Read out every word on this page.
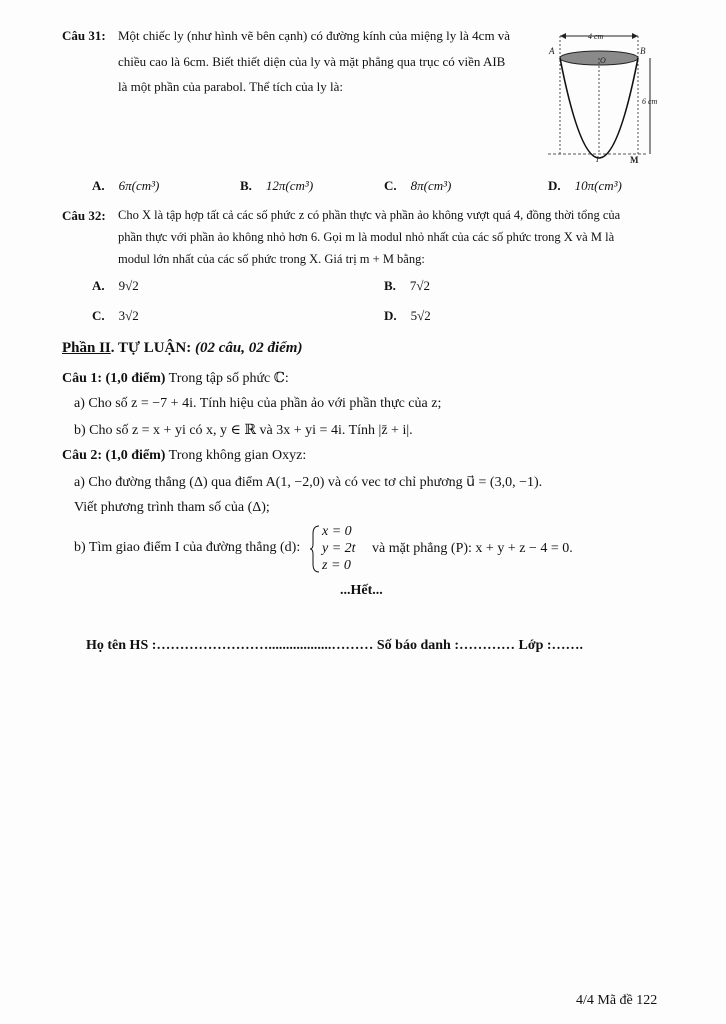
Câu 31: Một chiếc ly (như hình vẽ bên cạnh) có đường kính của miệng ly là 4cm và
chiều cao là 6cm. Biết thiết diện của ly và mặt phẳng qua trục có viền AIB
là một phần của parabol. Thể tích của ly là:
4 cm
6 cm
A	B
O
I	M
A. 6π(cm³)	B. 12π(cm³)	C. 8π(cm³)	D. 10π(cm³)
Câu 32: Cho X là tập hợp tất cả các số phức z có phần thực và phần ảo không vượt quá 4, đồng thời tổng của
phần thực với phần ảo không nhỏ hơn 6. Gọi m là modul nhỏ nhất của các số phức trong X và M là
modul lớn nhất của các số phức trong X. Giá trị m + M bằng:
A. 9√2	B. 7√2
C. 3√2	D. 5√2
Phần II. TỰ LUẬN: (02 câu, 02 điểm)
Câu 1: (1,0 điểm) Trong tập số phức ℂ:
a) Cho số z = −7 + 4i. Tính hiệu của phần ảo với phần thực của z;
b) Cho số z = x + yi có x, y ∈ ℝ và 3x + yi = 4i. Tính |z̄ + i|.
Câu 2: (1,0 điểm) Trong không gian Oxyz:
a) Cho đường thẳng (Δ) qua điểm A(1, −2,0) và có vec tơ chỉ phương u⃗ = (3,0, −1).
Viết phương trình tham số của (Δ);
b) Tìm giao điểm I của đường thẳng (d):
x = 0
y = 2t
z = 0
và mặt phẳng (P): x + y + z − 4 = 0.
...Hết...
Họ tên HS :……………………..................……… Số báo danh :………… Lớp :…….
4/4 Mã đề 122
